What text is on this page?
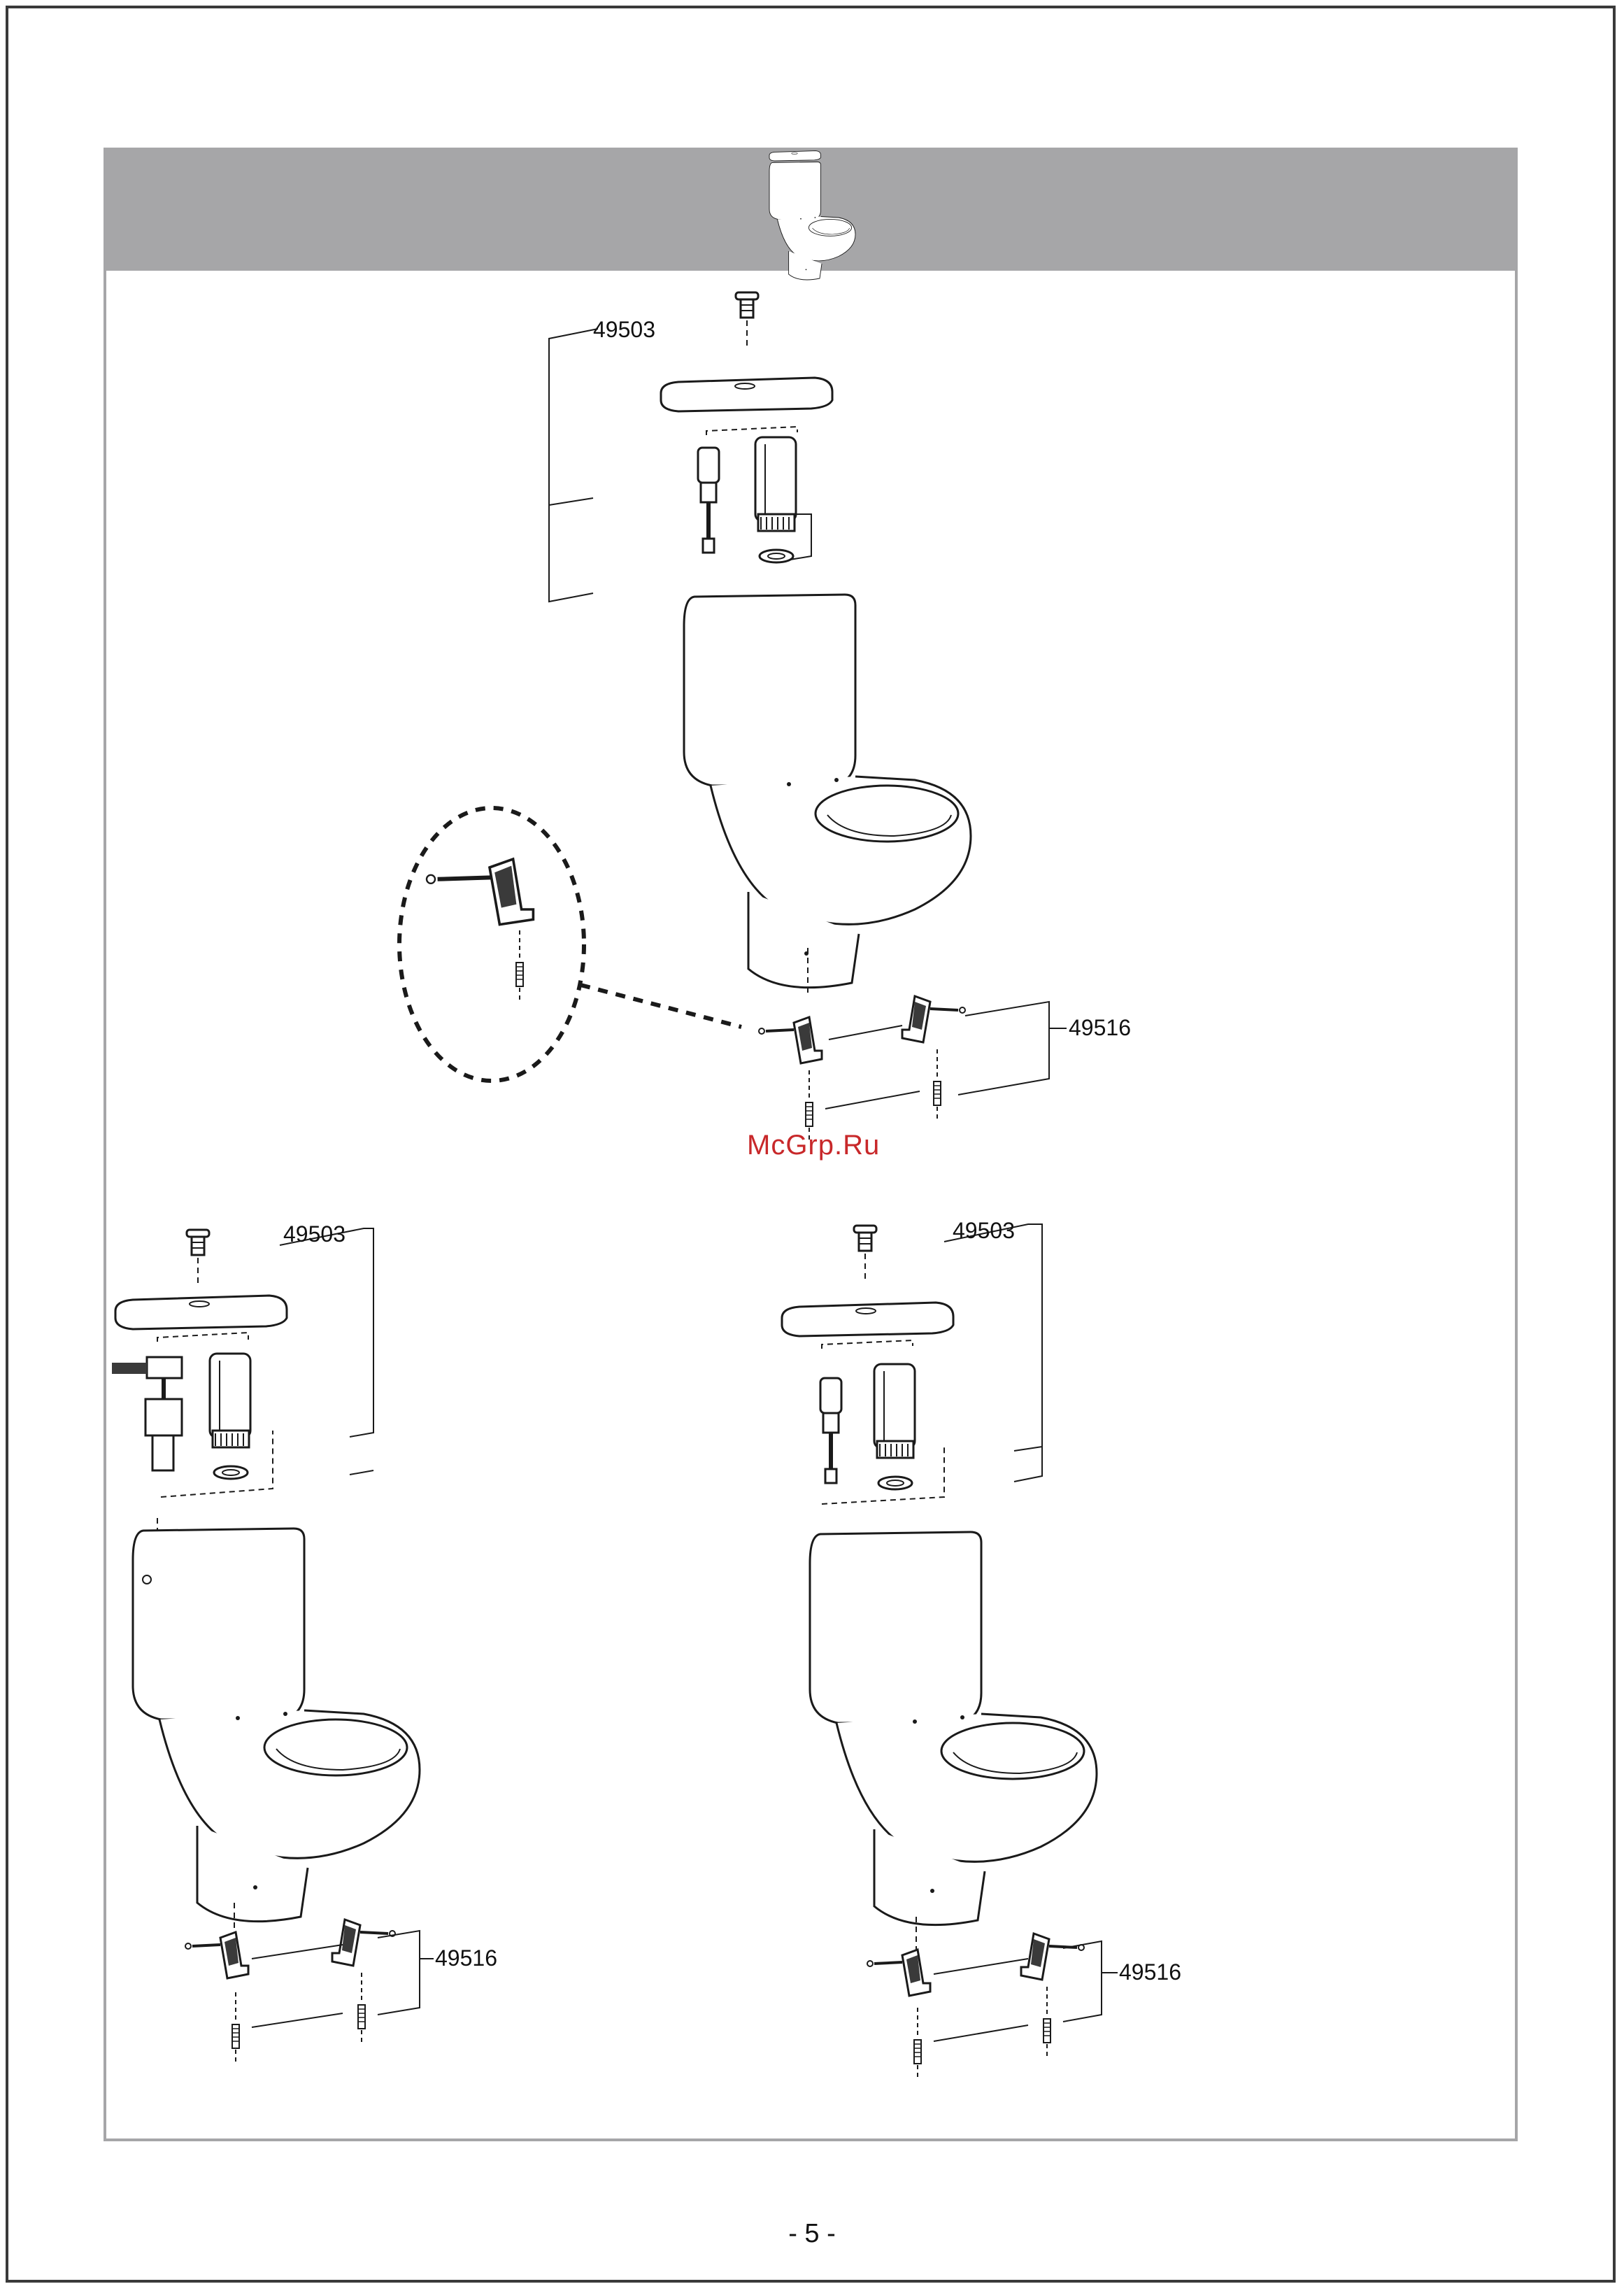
49503
49516
McGrp.Ru
49503
49516
49503
49516
- 5 -
